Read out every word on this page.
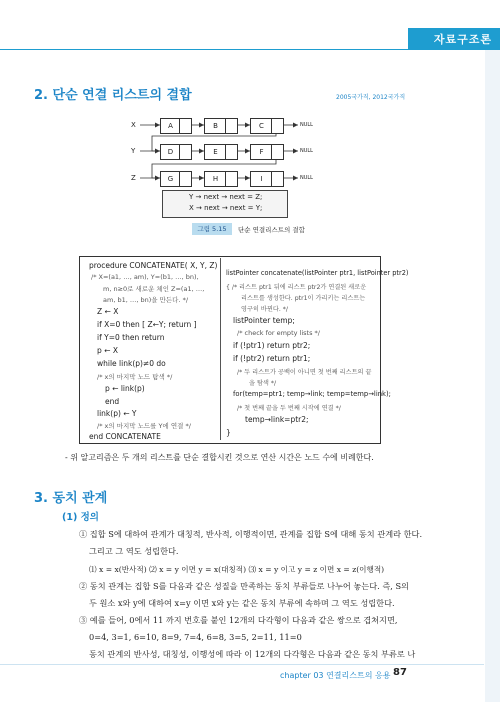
자료구조론
2. 단순 연결 리스트의 결합	2005국가직, 2012국가직
X	A	B	C	NULL
Y	D	E	F	NULL
Z	G	H	I	NULL
Y → next → next = Z;
X → next → next = Y;
그림 5.15	단순 연결리스트의 결합
procedure CONCATENATE( X, Y, Z)
/* X=(a1, …, am), Y=(b1, …, bn),
m, n≥0로 새로운 체인 Z=(a1, …,
am, b1, …, bn)을 만든다. */
Z ← X
if X=0 then [ Z←Y; return ]
if Y=0 then return
p ← X
while link(p)≠0 do
/* x의 마지막 노드 탐색 */
p ← link(p)
end
link(p) ← Y
/* x의 마지막 노드를 Y에 연결 */
end CONCATENATE
listPointer concatenate(listPointer ptr1, listPointer ptr2)
{ /* 리스트 ptr1 뒤에 리스트 ptr2가 연결된 새로운
리스트를 생성한다. ptr1이 가리키는 리스트는
영구히 바뀐다. */
listPointer temp;
/* check for empty lists */
if (!ptr1) return ptr2;
if (!ptr2) return ptr1;
/* 두 리스트가 공백이 아니면 첫 번째 리스트의 끝
을 탐색 */
for(temp=ptr1; temp→link; temp=temp→link);
/* 첫 번째 끝을 두 번째 시작에 연결 */
temp→link=ptr2;
}
- 위 알고리즘은 두 개의 리스트를 단순 결합시킨 것으로 연산 시간은 노드 수에 비례한다.
3. 동치 관계
(1) 정의
① 집합 S에 대하여 관계가 대칭적, 반사적, 이행적이면, 관계를 집합 S에 대해 동치 관계라 한다.
그리고 그 역도 성립한다.
⑴ x = x(반사적) ⑵ x = y 이면 y = x(대칭적) ⑶ x = y 이고 y = z 이면 x = z(이행적)
② 동치 관계는 집합 S를 다음과 같은 성질을 만족하는 동치 부류들로 나누어 놓는다. 즉, S의
두 원소 x와 y에 대하여 x=y 이면 x와 y는 같은 동치 부류에 속하며 그 역도 성립한다.
③ 예를 들어, 0에서 11 까지 번호를 붙인 12개의 다각형이 다음과 같은 쌍으로 겹쳐지면,
0=4, 3=1, 6=10, 8=9, 7=4, 6=8, 3=5, 2=11, 11=0
동치 관계의 반사성, 대칭성, 이행성에 따라 이 12개의 다각형은 다음과 같은 동치 부류로 나
chapter 03 연결리스트의 응용 87
